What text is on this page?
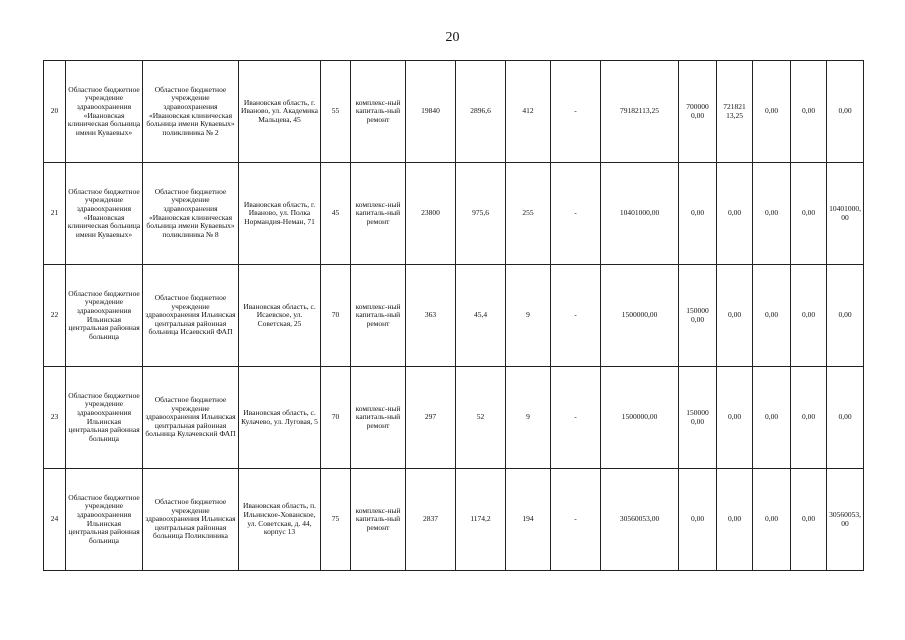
20
20	Областное бюджетное учреждение здравоохранения «Ивановская клиническая больница имени Куваевых»	Областное бюджетное учреждение здравоохранения «Ивановская клиническая больница имени Куваевых» поликлиника № 2	Ивановская область, г. Иваново, ул. Академика Мальцева, 45	55	комплекс-ный капиталь-ный ремонт	19840	2896,6	412	-	79182113,25	700000 0,00	721821 13,25	0,00	0,00	0,00
21	Областное бюджетное учреждение здравоохранения «Ивановская клиническая больница имени Куваевых»	Областное бюджетное учреждение здравоохранения «Ивановская клиническая больница имени Куваевых» поликлиника № 8	Ивановская область, г. Иваново, ул. Полка Нормандия-Неман, 71	45	комплекс-ный капиталь-ный ремонт	23800	975,6	255	-	10401000,00	0,00	0,00	0,00	0,00	10401000, 00
22	Областное бюджетное учреждение здравоохранения Ильинская центральная районная больница	Областное бюджетное учреждение здравоохранения Ильинская центральная районная больница Исаевский ФАП	Ивановская область, с. Исаевское, ул. Советская, 25	70	комплекс-ный капиталь-ный ремонт	363	45,4	9	-	1500000,00	150000 0,00	0,00	0,00	0,00	0,00
23	Областное бюджетное учреждение здравоохранения Ильинская центральная районная больница	Областное бюджетное учреждение здравоохранения Ильинская центральная районная больница Кулачевский ФАП	Ивановская область, с. Кулачево, ул. Луговая, 5	70	комплекс-ный капиталь-ный ремонт	297	52	9	-	1500000,00	150000 0,00	0,00	0,00	0,00	0,00
24	Областное бюджетное учреждение здравоохранения Ильинская центральная районная больница	Областное бюджетное учреждение здравоохранения Ильинская центральная районная больница Поликлиника	Ивановская область, п. Ильинское-Хованское, ул. Советская, д. 44, корпус 13	75	комплекс-ный капиталь-ный ремонт	2837	1174,2	194	-	30560053,00	0,00	0,00	0,00	0,00	30560053, 00
